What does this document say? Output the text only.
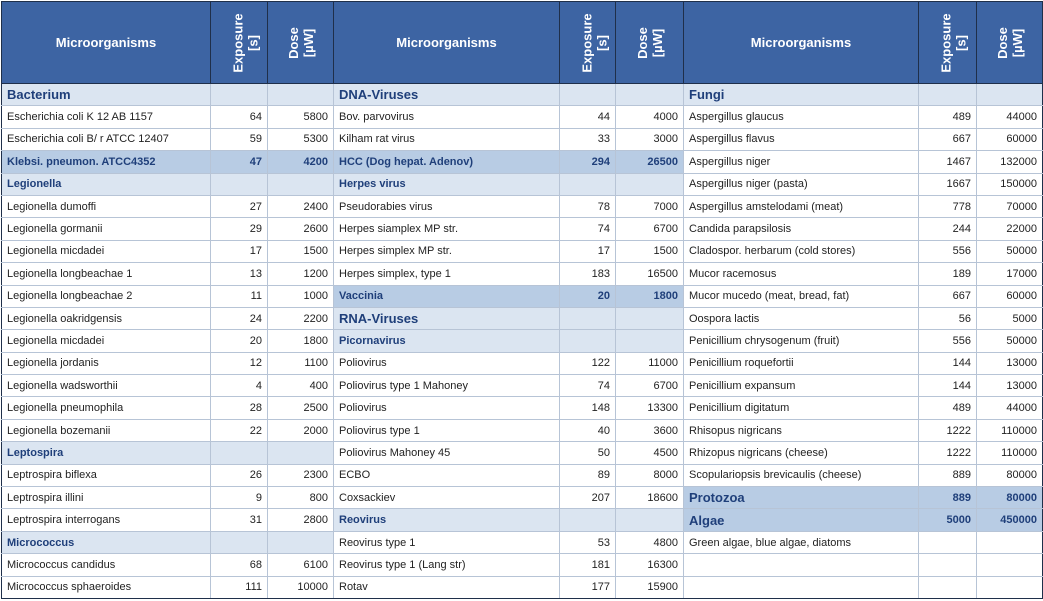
Microorganisms	Exposure [s]	Dose [µW]	Microorganisms	Exposure [s]	Dose [µW]	Microorganisms	Exposure [s]	Dose [µW]

Bacterium			DNA-Viruses			Fungi		
Escherichia coli K 12 AB 1157	64	5800	Bov. parvovirus	44	4000	Aspergillus glaucus	489	44000
Escherichia coli B/ r ATCC 12407	59	5300	Kilham rat virus	33	3000	Aspergillus flavus	667	60000
Klebsi. pneumon. ATCC4352	47	4200	HCC (Dog hepat. Adenov)	294	26500	Aspergillus niger	1467	132000
Legionella			Herpes virus			Aspergillus niger (pasta)	1667	150000
Legionella dumoffi	27	2400	Pseudorabies virus	78	7000	Aspergillus amstelodami (meat)	778	70000
Legionella gormanii	29	2600	Herpes siamplex MP str.	74	6700	Candida parapsilosis	244	22000
Legionella micdadei	17	1500	Herpes simplex MP str.	17	1500	Cladospor. herbarum (cold stores)	556	50000
Legionella longbeachae 1	13	1200	Herpes simplex, type 1	183	16500	Mucor racemosus	189	17000
Legionella longbeachae 2	11	1000	Vaccinia	20	1800	Mucor mucedo (meat, bread, fat)	667	60000
Legionella oakridgensis	24	2200	RNA-Viruses			Oospora lactis	56	5000
Legionella micdadei	20	1800	Picornavirus			Penicillium chrysogenum (fruit)	556	50000
Legionella jordanis	12	1100	Poliovirus	122	11000	Penicillium roquefortii	144	13000
Legionella wadsworthii	4	400	Poliovirus type 1 Mahoney	74	6700	Penicillium expansum	144	13000
Legionella pneumophila	28	2500	Poliovirus	148	13300	Penicillium digitatum	489	44000
Legionella bozemanii	22	2000	Poliovirus type 1	40	3600	Rhisopus nigricans	1222	110000
Leptospira			Poliovirus Mahoney 45	50	4500	Rhizopus nigricans (cheese)	1222	110000
Leptrospira biflexa	26	2300	ECBO	89	8000	Scopulariopsis brevicaulis (cheese)	889	80000
Leptrospira illini	9	800	Coxsackiev	207	18600	Protozoa	889	80000
Leptrospira interrogans	31	2800	Reovirus			Algae	5000	450000
Micrococcus			Reovirus type 1	53	4800	Green algae, blue algae, diatoms		
Micrococcus candidus	68	6100	Reovirus type 1 (Lang str)	181	16300			
Micrococcus sphaeroides	111	10000	Rotav	177	15900			
